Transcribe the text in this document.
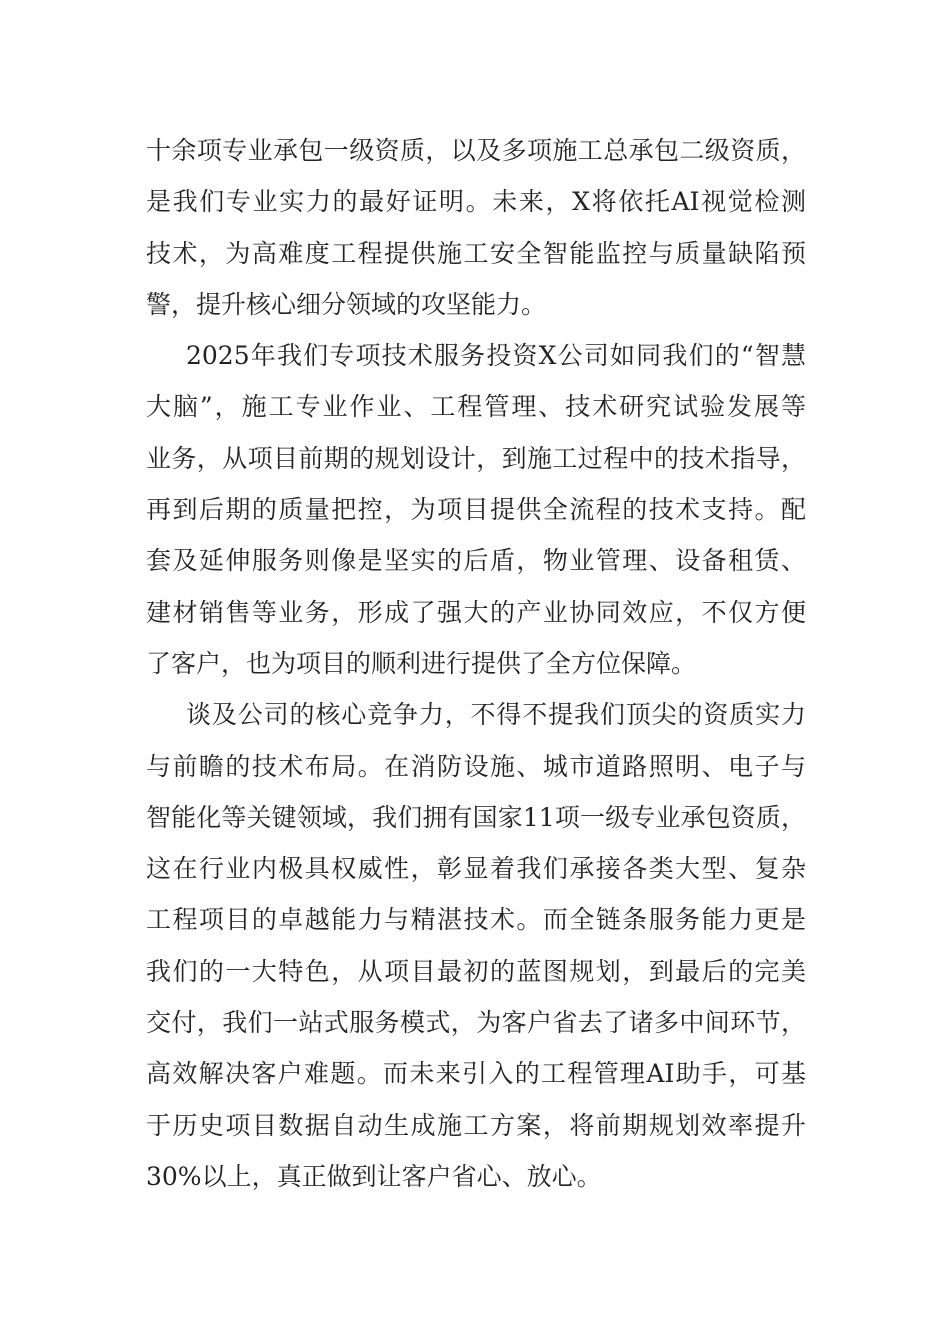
十余项专业承包一级资质，以及多项施工总承包二级资质，
是我们专业实力的最好证明。未来，X将依托AI视觉检测
技术，为高难度工程提供施工安全智能监控与质量缺陷预
警，提升核心细分领域的攻坚能力。
2025年我们专项技术服务投资X公司如同我们的“智慧
大脑”，施工专业作业、工程管理、技术研究试验发展等
业务，从项目前期的规划设计，到施工过程中的技术指导，
再到后期的质量把控，为项目提供全流程的技术支持。配
套及延伸服务则像是坚实的后盾，物业管理、设备租赁、
建材销售等业务，形成了强大的产业协同效应，不仅方便
了客户，也为项目的顺利进行提供了全方位保障。
谈及公司的核心竞争力，不得不提我们顶尖的资质实力
与前瞻的技术布局。在消防设施、城市道路照明、电子与
智能化等关键领域，我们拥有国家11项一级专业承包资质，
这在行业内极具权威性，彰显着我们承接各类大型、复杂
工程项目的卓越能力与精湛技术。而全链条服务能力更是
我们的一大特色，从项目最初的蓝图规划，到最后的完美
交付，我们一站式服务模式，为客户省去了诸多中间环节，
高效解决客户难题。而未来引入的工程管理AI助手，可基
于历史项目数据自动生成施工方案，将前期规划效率提升
30%以上，真正做到让客户省心、放心。
